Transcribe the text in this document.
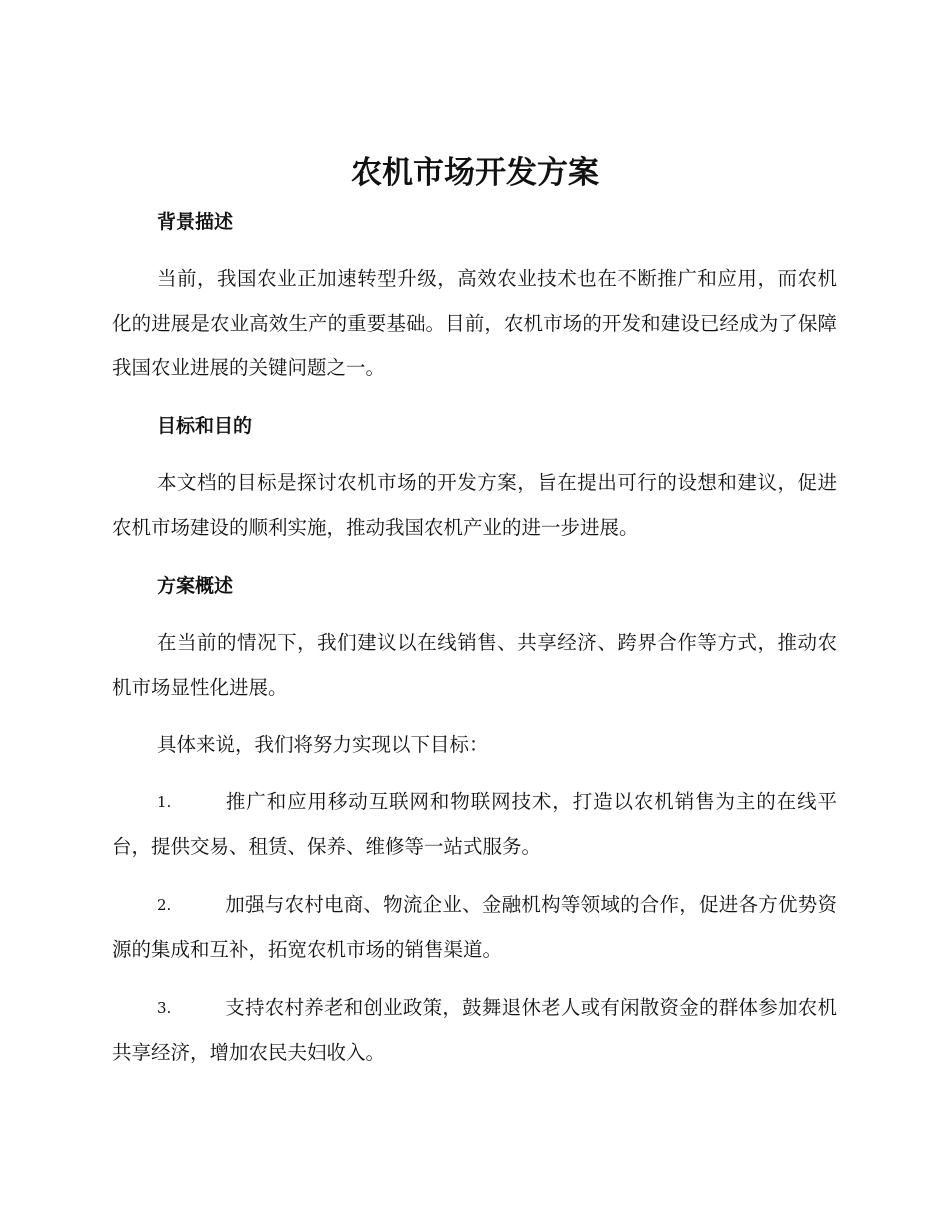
农机市场开发方案
背景描述

当前，我国农业正加速转型升级，高效农业技术也在不断推广和应用，而农机化的进展是农业高效生产的重要基础。目前，农机市场的开发和建设已经成为了保障我国农业进展的关键问题之一。

目标和目的

本文档的目标是探讨农机市场的开发方案，旨在提出可行的设想和建议，促进农机市场建设的顺利实施，推动我国农机产业的进一步进展。

方案概述

在当前的情况下，我们建议以在线销售、共享经济、跨界合作等方式，推动农机市场显性化进展。

具体来说，我们将努力实现以下目标：

1.	推广和应用移动互联网和物联网技术，打造以农机销售为主的在线平台，提供交易、租赁、保养、维修等一站式服务。

2.	加强与农村电商、物流企业、金融机构等领域的合作，促进各方优势资源的集成和互补，拓宽农机市场的销售渠道。

3.	支持农村养老和创业政策，鼓舞退休老人或有闲散资金的群体参加农机共享经济，增加农民夫妇收入。
